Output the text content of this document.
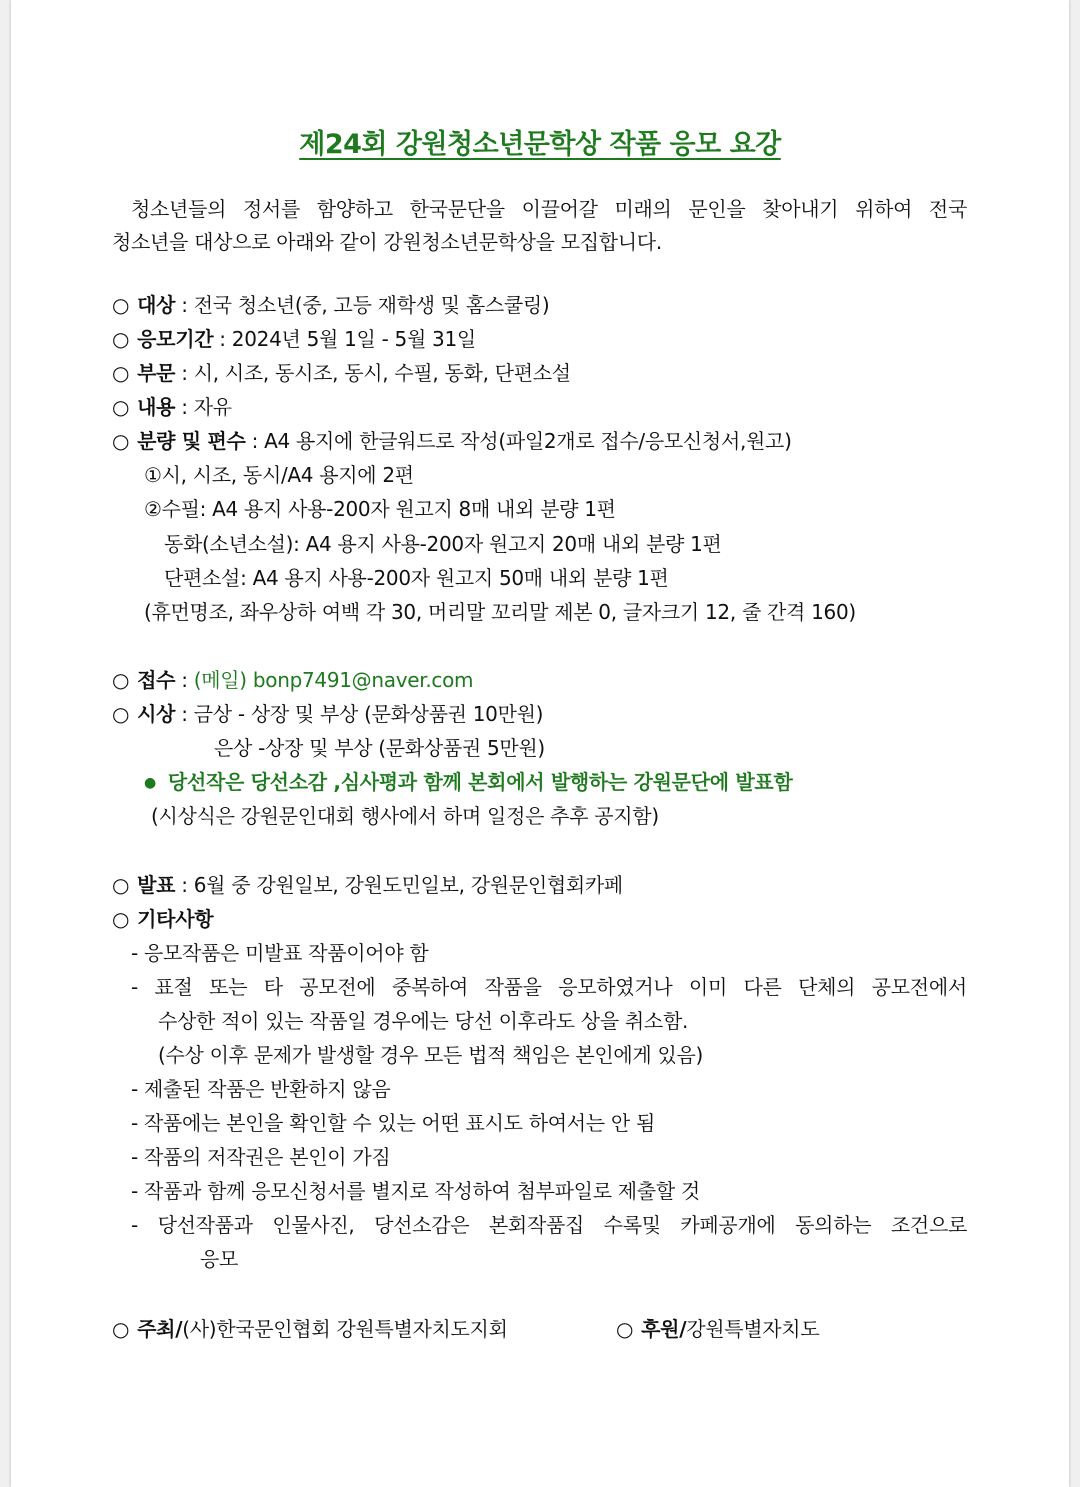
제24회 강원청소년문학상 작품 응모 요강
청소년들의 정서를 함양하고 한국문단을 이끌어갈 미래의 문인을 찾아내기 위하여 전국
청소년을 대상으로 아래와 같이 강원청소년문학상을 모집합니다.
○ 대상 : 전국 청소년(중, 고등 재학생 및 홈스쿨링)
○ 응모기간 : 2024년 5월 1일 - 5월 31일
○ 부문 : 시, 시조, 동시조, 동시, 수필, 동화, 단편소설
○ 내용 : 자유
○ 분량 및 편수 : A4 용지에 한글워드로 작성(파일2개로 접수/응모신청서,원고)
①시, 시조, 동시/A4 용지에 2편
②수필: A4 용지 사용-200자 원고지 8매 내외 분량 1편
동화(소년소설): A4 용지 사용-200자 원고지 20매 내외 분량 1편
단편소설: A4 용지 사용-200자 원고지 50매 내외 분량 1편
(휴먼명조, 좌우상하 여백 각 30, 머리말 꼬리말 제본 0, 글자크기 12, 줄 간격 160)
○ 접수 : (메일) bonp7491@naver.com
○ 시상 : 금상 - 상장 및 부상 (문화상품권 10만원)
은상 -상장 및 부상 (문화상품권 5만원)
● 당선작은 당선소감 ,심사평과 함께 본회에서 발행하는 강원문단에 발표함
(시상식은 강원문인대회 행사에서 하며 일정은 추후 공지함)
○ 발표 : 6월 중 강원일보, 강원도민일보, 강원문인협회카페
○ 기타사항
- 응모작품은 미발표 작품이어야 함
- 표절 또는 타 공모전에 중복하여 작품을 응모하였거나 이미 다른 단체의 공모전에서
수상한 적이 있는 작품일 경우에는 당선 이후라도 상을 취소함.
(수상 이후 문제가 발생할 경우 모든 법적 책임은 본인에게 있음)
- 제출된 작품은 반환하지 않음
- 작품에는 본인을 확인할 수 있는 어떤 표시도 하여서는 안 됨
- 작품의 저작권은 본인이 가짐
- 작품과 함께 응모신청서를 별지로 작성하여 첨부파일로 제출할 것
- 당선작품과 인물사진, 당선소감은 본회작품집 수록및 카페공개에 동의하는 조건으로
응모
○ 주최/(사)한국문인협회 강원특별자치도지회	○ 후원/강원특별자치도
